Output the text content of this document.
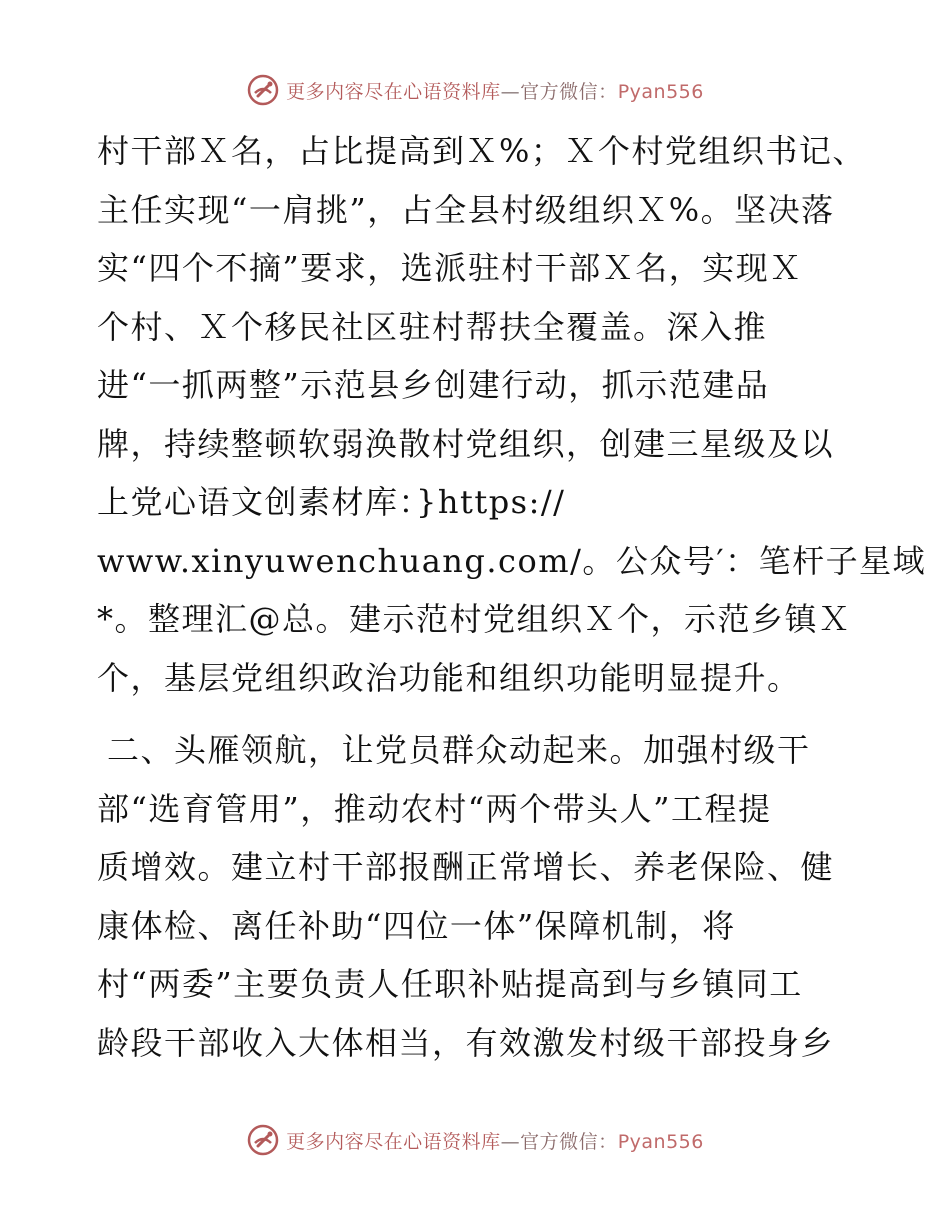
更多内容尽在心语资料库—官方微信：Pyan556
村干部Ｘ名，占比提高到Ｘ%；Ｘ个村党组织书记、
主任实现“一肩挑”，占全县村级组织Ｘ%。坚决落
实“四个不摘”要求，选派驻村干部Ｘ名，实现Ｘ
个村、Ｘ个移民社区驻村帮扶全覆盖。深入推
进“一抓两整”示范县乡创建行动，抓示范建品
牌，持续整顿软弱涣散村党组织，创建三星级及以
上党心语文创素材库：}https://
www.xinyuwenchuang.com/。公众号′：笔杆子星域
*。整理汇@总。建示范村党组织Ｘ个，示范乡镇Ｘ
个，基层党组织政治功能和组织功能明显提升。
二、头雁领航，让党员群众动起来。加强村级干
部“选育管用”，推动农村“两个带头人”工程提
质增效。建立村干部报酬正常增长、养老保险、健
康体检、离任补助“四位一体”保障机制，将
村“两委”主要负责人任职补贴提高到与乡镇同工
龄段干部收入大体相当，有效激发村级干部投身乡
更多内容尽在心语资料库—官方微信：Pyan556
